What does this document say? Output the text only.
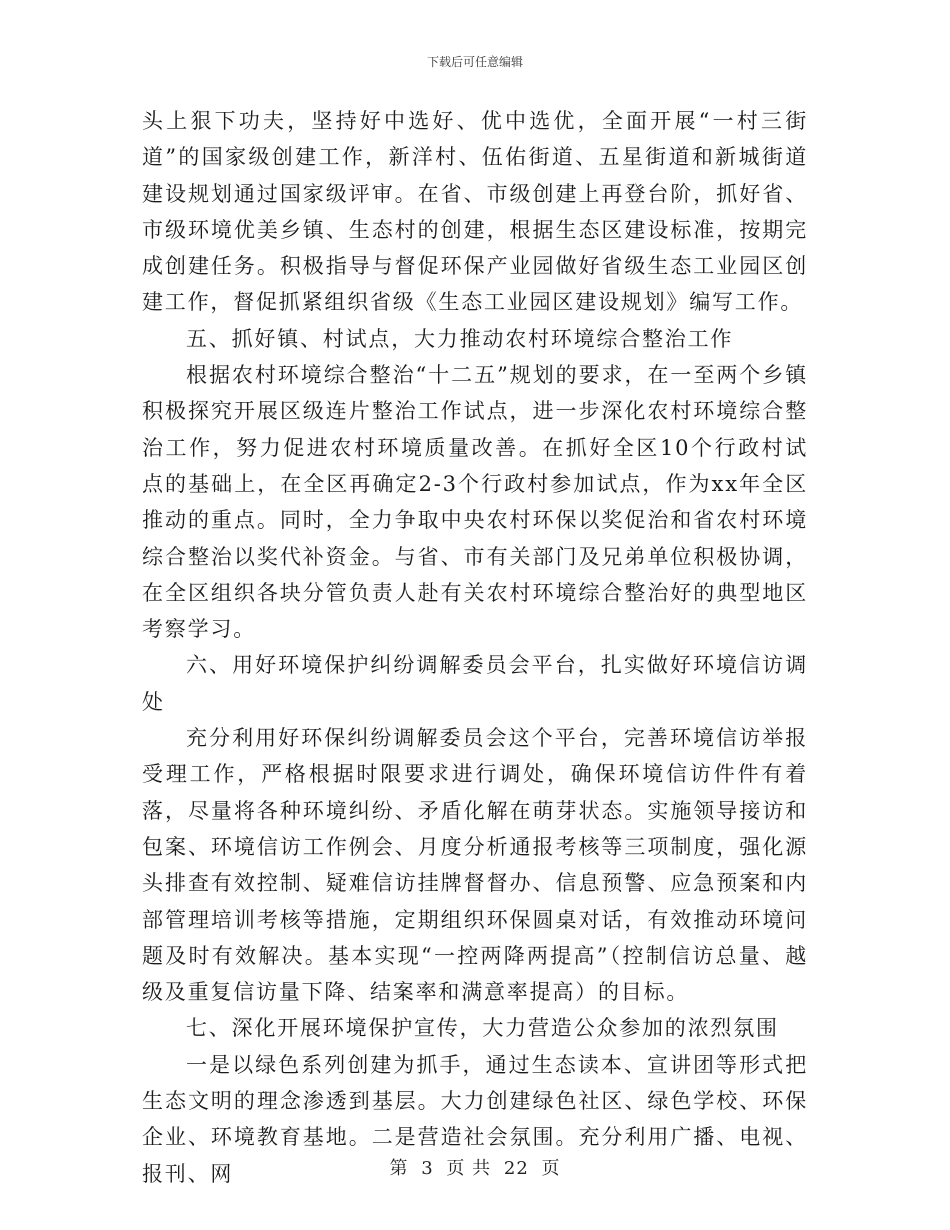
下载后可任意编辑

头上狠下功夫，坚持好中选好、优中选优，全面开展“一村三街道”的国家级创建工作，新洋村、伍佑街道、五星街道和新城街道建设规划通过国家级评审。在省、市级创建上再登台阶，抓好省、市级环境优美乡镇、生态村的创建，根据生态区建设标准，按期完成创建任务。积极指导与督促环保产业园做好省级生态工业园区创建工作，督促抓紧组织省级《生态工业园区建设规划》编写工作。

五、抓好镇、村试点，大力推动农村环境综合整治工作

根据农村环境综合整治“十二五”规划的要求，在一至两个乡镇积极探究开展区级连片整治工作试点，进一步深化农村环境综合整治工作，努力促进农村环境质量改善。在抓好全区10个行政村试点的基础上，在全区再确定2-3个行政村参加试点，作为xx年全区推动的重点。同时，全力争取中央农村环保以奖促治和省农村环境综合整治以奖代补资金。与省、市有关部门及兄弟单位积极协调，在全区组织各块分管负责人赴有关农村环境综合整治好的典型地区考察学习。

六、用好环境保护纠纷调解委员会平台，扎实做好环境信访调处

充分利用好环保纠纷调解委员会这个平台，完善环境信访举报受理工作，严格根据时限要求进行调处，确保环境信访件件有着落，尽量将各种环境纠纷、矛盾化解在萌芽状态。实施领导接访和包案、环境信访工作例会、月度分析通报考核等三项制度，强化源头排查有效控制、疑难信访挂牌督督办、信息预警、应急预案和内部管理培训考核等措施，定期组织环保圆桌对话，有效推动环境问题及时有效解决。基本实现“一控两降两提高”（控制信访总量、越级及重复信访量下降、结案率和满意率提高）的目标。

七、深化开展环境保护宣传，大力营造公众参加的浓烈氛围

一是以绿色系列创建为抓手，通过生态读本、宣讲团等形式把生态文明的理念渗透到基层。大力创建绿色社区、绿色学校、环保企业、环境教育基地。二是营造社会氛围。充分利用广播、电视、报刊、网	第 3 页 共 22 页
